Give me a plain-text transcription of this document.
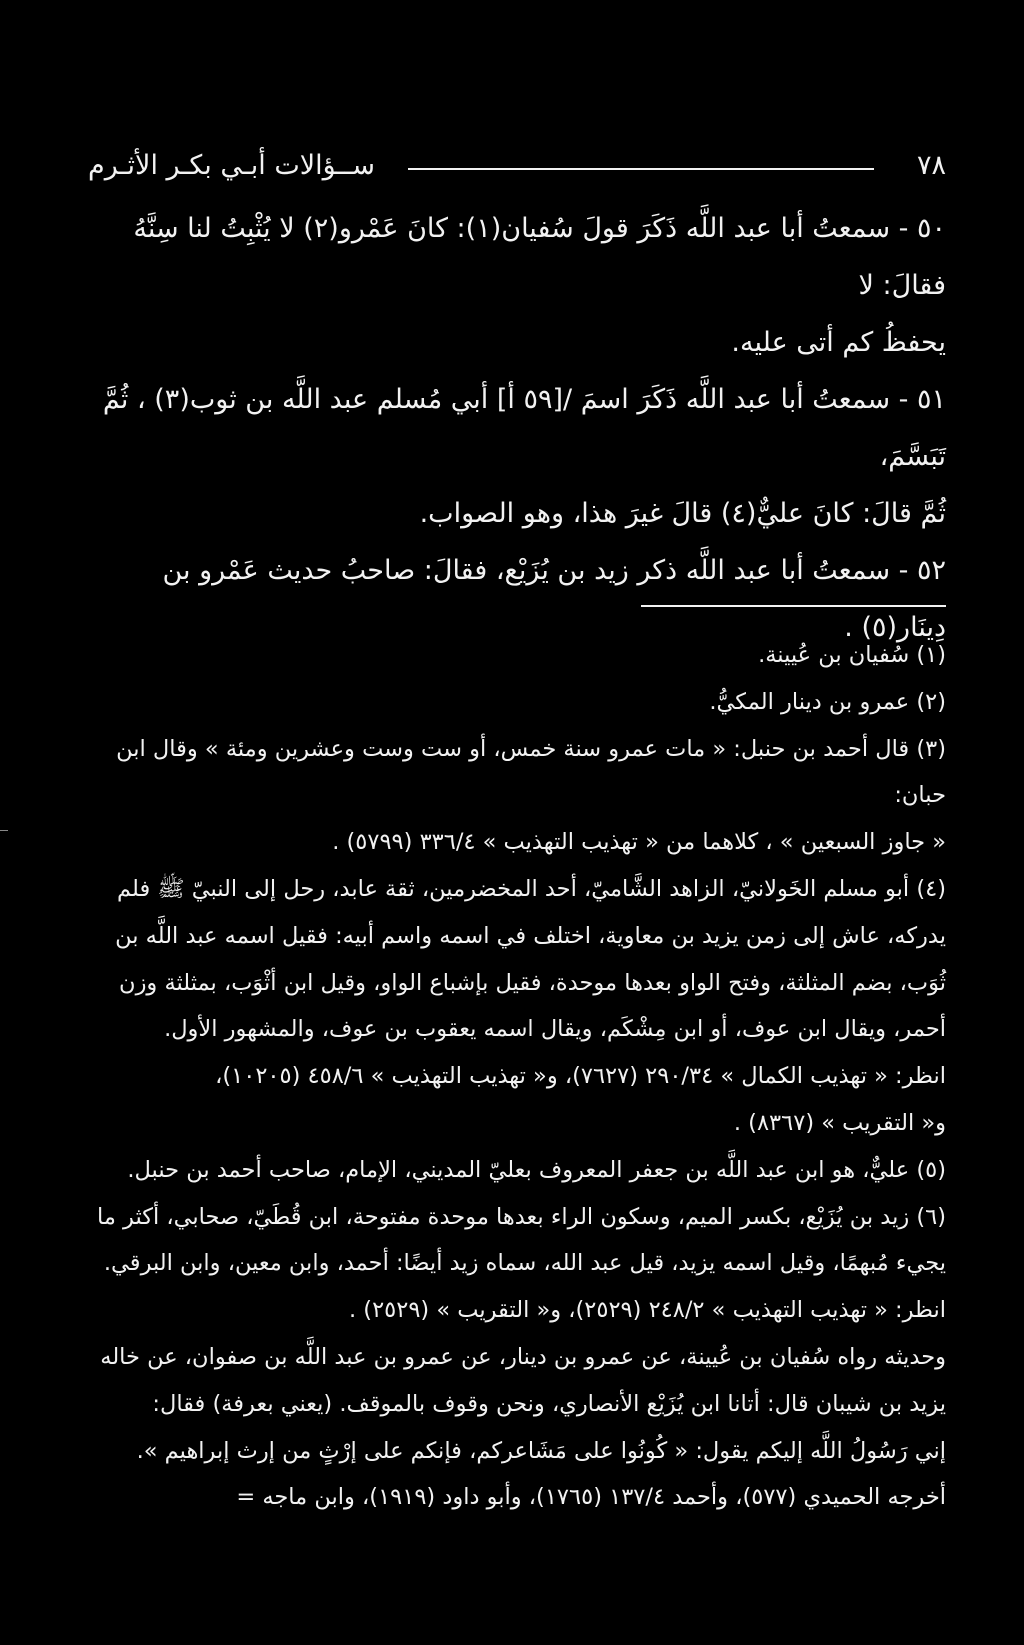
ســؤالات أبـي بكـر الأثـرم	٧٨

٥٠ - سمعتُ أبا عبد اللَّه ذَكَرَ قولَ سُفيان(١): كانَ عَمْرو(٢) لا يُثْبِتُ لنا سِنَّهُ فقالَ: لا

يحفظُ كم أتى عليه.

٥١ - سمعتُ أبا عبد اللَّه ذَكَرَ اسمَ /[٥٩ أ] أبي مُسلم عبد اللَّه بن ثوب(٣) ، ثُمَّ تَبَسَّمَ،

ثُمَّ قالَ: كانَ عليٌّ(٤) قالَ غيرَ هذا، وهو الصواب.

٥٢ - سمعتُ أبا عبد اللَّه ذكر زيد بن يُزَيْع، فقالَ: صاحبُ حديث عَمْرو بن

دِينَار(٥) .

(١) سُفيان بن عُيينة.

(٢) عمرو بن دينار المكيُّ.

(٣) قال أحمد بن حنبل: « مات عمرو سنة خمس، أو ست وست وعشرين ومئة » وقال ابن حبان:

« جاوز السبعين » ، كلاهما من « تهذيب التهذيب » ٣٣٦/٤ (٥٧٩٩) .

(٤) أبو مسلم الخَولانيّ، الزاهد الشَّاميّ، أحد المخضرمين، ثقة عابد، رحل إلى النبيّ ﷺ فلم

يدركه، عاش إلى زمن يزيد بن معاوية، اختلف في اسمه واسم أبيه: فقيل اسمه عبد اللَّه بن

ثُوَب، بضم المثلثة، وفتح الواو بعدها موحدة، فقيل بإشباع الواو، وقيل ابن أثْوَب، بمثلثة وزن

أحمر، ويقال ابن عوف، أو ابن مِشْكَم، ويقال اسمه يعقوب بن عوف، والمشهور الأول.

انظر: « تهذيب الكمال » ٢٩٠/٣٤ (٧٦٢٧)، و« تهذيب التهذيب » ٤٥٨/٦ (١٠٢٠٥)،

و« التقريب » (٨٣٦٧) .

(٥) عليٌّ، هو ابن عبد اللَّه بن جعفر المعروف بعليّ المديني، الإمام، صاحب أحمد بن حنبل.

(٦) زيد بن يُزَيْع، بكسر الميم، وسكون الراء بعدها موحدة مفتوحة، ابن قُطَيّ، صحابي، أكثر ما

يجيء مُبهمًا، وقيل اسمه يزيد، قيل عبد الله، سماه زيد أيضًا: أحمد، وابن معين، وابن البرقي.

انظر: « تهذيب التهذيب » ٢٤٨/٢ (٢٥٢٩)، و« التقريب » (٢٥٢٩) .

وحديثه رواه سُفيان بن عُيينة، عن عمرو بن دينار، عن عمرو بن عبد اللَّه بن صفوان، عن خاله

يزيد بن شيبان قال: أتانا ابن يُزَيْع الأنصاري، ونحن وقوف بالموقف. (يعني بعرفة) فقال:

إني رَسُولُ اللَّه إليكم يقول: « كُونُوا على مَشَاعركم، فإنكم على إرْثٍ من إرث إبراهيم ».

أخرجه الحميدي (٥٧٧)، وأحمد ١٣٧/٤ (١٧٦٥)، وأبو داود (١٩١٩)، وابن ماجه =
